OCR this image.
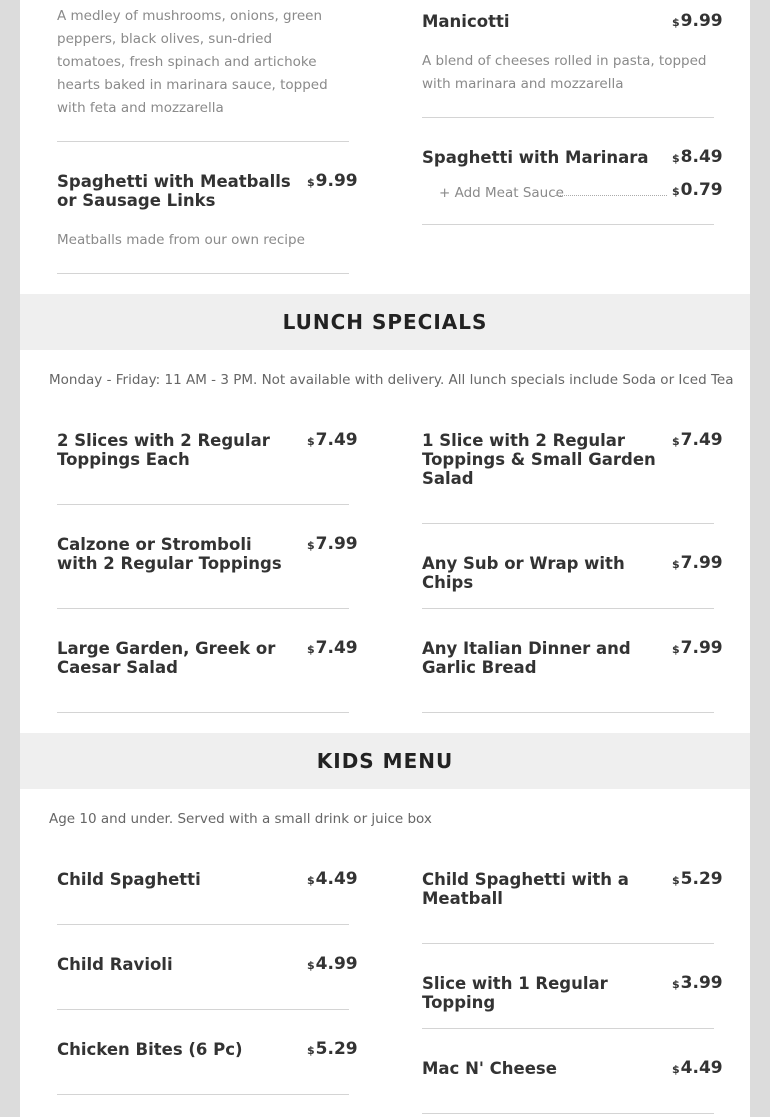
A medley of mushrooms, onions, green peppers, black olives, sun-dried tomatoes, fresh spinach and artichoke hearts baked in marinara sauce, topped with feta and mozzarella
Spaghetti with Meatballs or Sausage Links
$9.99
Meatballs made from our own recipe
Manicotti	$9.99
A blend of cheeses rolled in pasta, topped with marinara and mozzarella
Spaghetti with Marinara	$8.49
+ Add Meat Sauce	$0.79
LUNCH SPECIALS
Monday - Friday: 11 AM - 3 PM. Not available with delivery. All lunch specials include Soda or Iced Tea
2 Slices with 2 Regular Toppings Each
$7.49	1 Slice with 2 Regular Toppings & Small Garden Salad
$7.49
Calzone or Stromboli with 2 Regular Toppings
$7.99
Any Sub or Wrap with Chips
$7.99
Large Garden, Greek or Caesar Salad
$7.49	Any Italian Dinner and Garlic Bread
$7.99
KIDS MENU
Age 10 and under. Served with a small drink or juice box
Child Spaghetti	$4.49	Child Spaghetti with a Meatball
$5.29
Child Ravioli	$4.99
Slice with 1 Regular Topping
$3.99
Chicken Bites (6 Pc)	$5.29
Mac N' Cheese	$4.49
